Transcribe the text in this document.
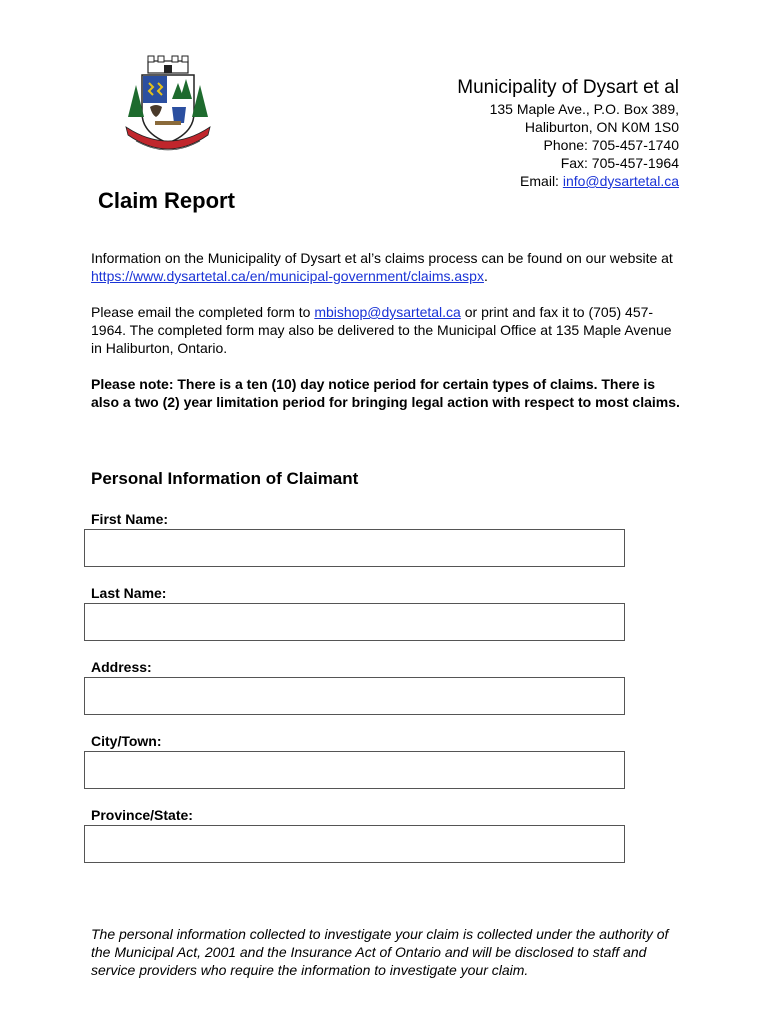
Municipality of Dysart et al
135 Maple Ave., P.O. Box 389,
Haliburton, ON K0M 1S0
Phone: 705-457-1740
Fax: 705-457-1964
Email: info@dysartetal.ca
Claim Report
Information on the Municipality of Dysart et al’s claims process can be found on our website at https://www.dysartetal.ca/en/municipal-government/claims.aspx.
Please email the completed form to mbishop@dysartetal.ca or print and fax it to (705) 457-1964. The completed form may also be delivered to the Municipal Office at 135 Maple Avenue in Haliburton, Ontario.
Please note: There is a ten (10) day notice period for certain types of claims. There is also a two (2) year limitation period for bringing legal action with respect to most claims.
Personal Information of Claimant
First Name:
Last Name:
Address:
City/Town:
Province/State:
The personal information collected to investigate your claim is collected under the authority of the Municipal Act, 2001 and the Insurance Act of Ontario and will be disclosed to staff and service providers who require the information to investigate your claim.
